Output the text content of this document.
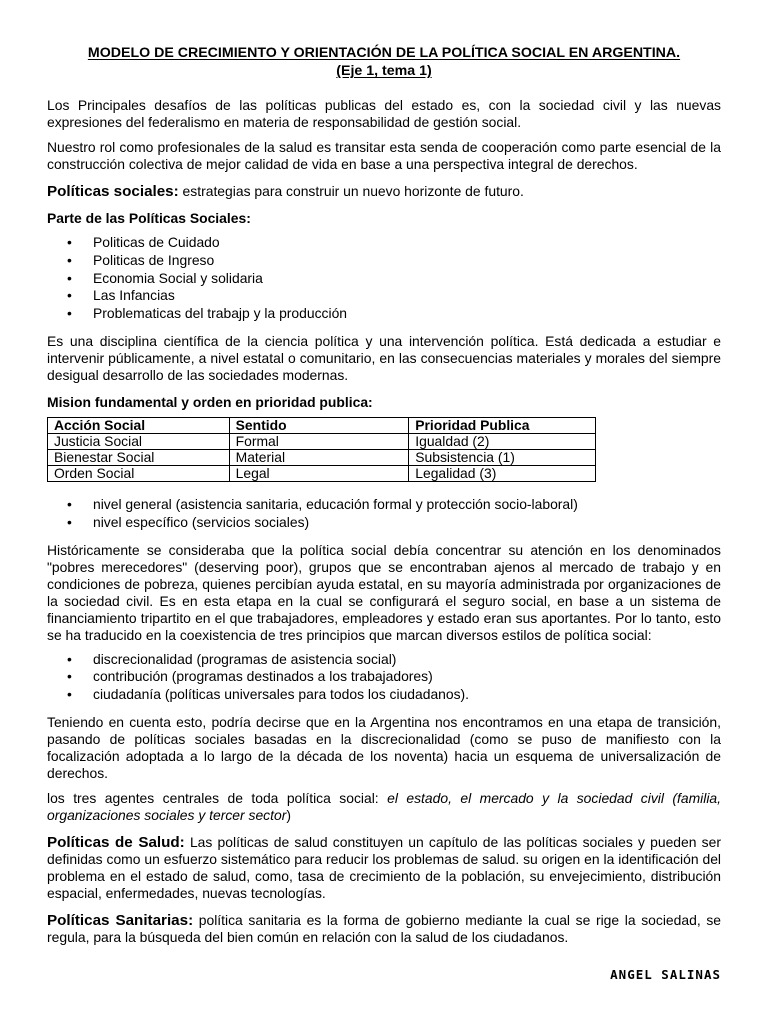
MODELO DE CRECIMIENTO Y ORIENTACIÓN DE LA POLÍTICA SOCIAL EN ARGENTINA.
(Eje 1, tema 1)

Los Principales desafíos de las políticas publicas del estado es, con la sociedad civil y las nuevas expresiones del federalismo en materia de responsabilidad de gestión social.

Nuestro rol como profesionales de la salud es transitar esta senda de cooperación como parte esencial de la construcción colectiva de mejor calidad de vida en base a una perspectiva integral de derechos.

Políticas sociales: estrategias para construir un nuevo horizonte de futuro.

Parte de las Políticas Sociales:
• Politicas de Cuidado
• Politicas de Ingreso
• Economia Social y solidaria
• Las Infancias
• Problematicas del trabajp y la producción

Es una disciplina científica de la ciencia política y una intervención política. Está dedicada a estudiar e intervenir públicamente, a nivel estatal o comunitario, en las consecuencias materiales y morales del siempre desigual desarrollo de las sociedades modernas.

Mision fundamental y orden en prioridad publica:
Acción Social	Sentido	Prioridad Publica
Justicia Social	Formal	Igualdad (2)
Bienestar Social	Material	Subsistencia (1)
Orden Social	Legal	Legalidad (3)
• nivel general (asistencia sanitaria, educación formal y protección socio-laboral)
• nivel específico (servicios sociales)

Históricamente se consideraba que la política social debía concentrar su atención en los denominados "pobres merecedores" (deserving poor), grupos que se encontraban ajenos al mercado de trabajo y en condiciones de pobreza, quienes percibían ayuda estatal, en su mayoría administrada por organizaciones de la sociedad civil. Es en esta etapa en la cual se configurará el seguro social, en base a un sistema de financiamiento tripartito en el que trabajadores, empleadores y estado eran sus aportantes. Por lo tanto, esto se ha traducido en la coexistencia de tres principios que marcan diversos estilos de política social:

• discrecionalidad (programas de asistencia social)
• contribución (programas destinados a los trabajadores)
• ciudadanía (políticas universales para todos los ciudadanos).

Teniendo en cuenta esto, podría decirse que en la Argentina nos encontramos en una etapa de transición, pasando de políticas sociales basadas en la discrecionalidad (como se puso de manifiesto con la focalización adoptada a lo largo de la década de los noventa) hacia un esquema de universalización de derechos.

los tres agentes centrales de toda política social: el estado, el mercado y la sociedad civil (familia, organizaciones sociales y tercer sector)

Políticas de Salud: Las políticas de salud constituyen un capítulo de las políticas sociales y pueden ser definidas como un esfuerzo sistemático para reducir los problemas de salud. su origen en la identificación del problema en el estado de salud, como, tasa de crecimiento de la población, su envejecimiento, distribución espacial, enfermedades, nuevas tecnologías.

Políticas Sanitarias: política sanitaria es la forma de gobierno mediante la cual se rige la sociedad, se regula, para la búsqueda del bien común en relación con la salud de los ciudadanos.

ANGEL SALINAS
